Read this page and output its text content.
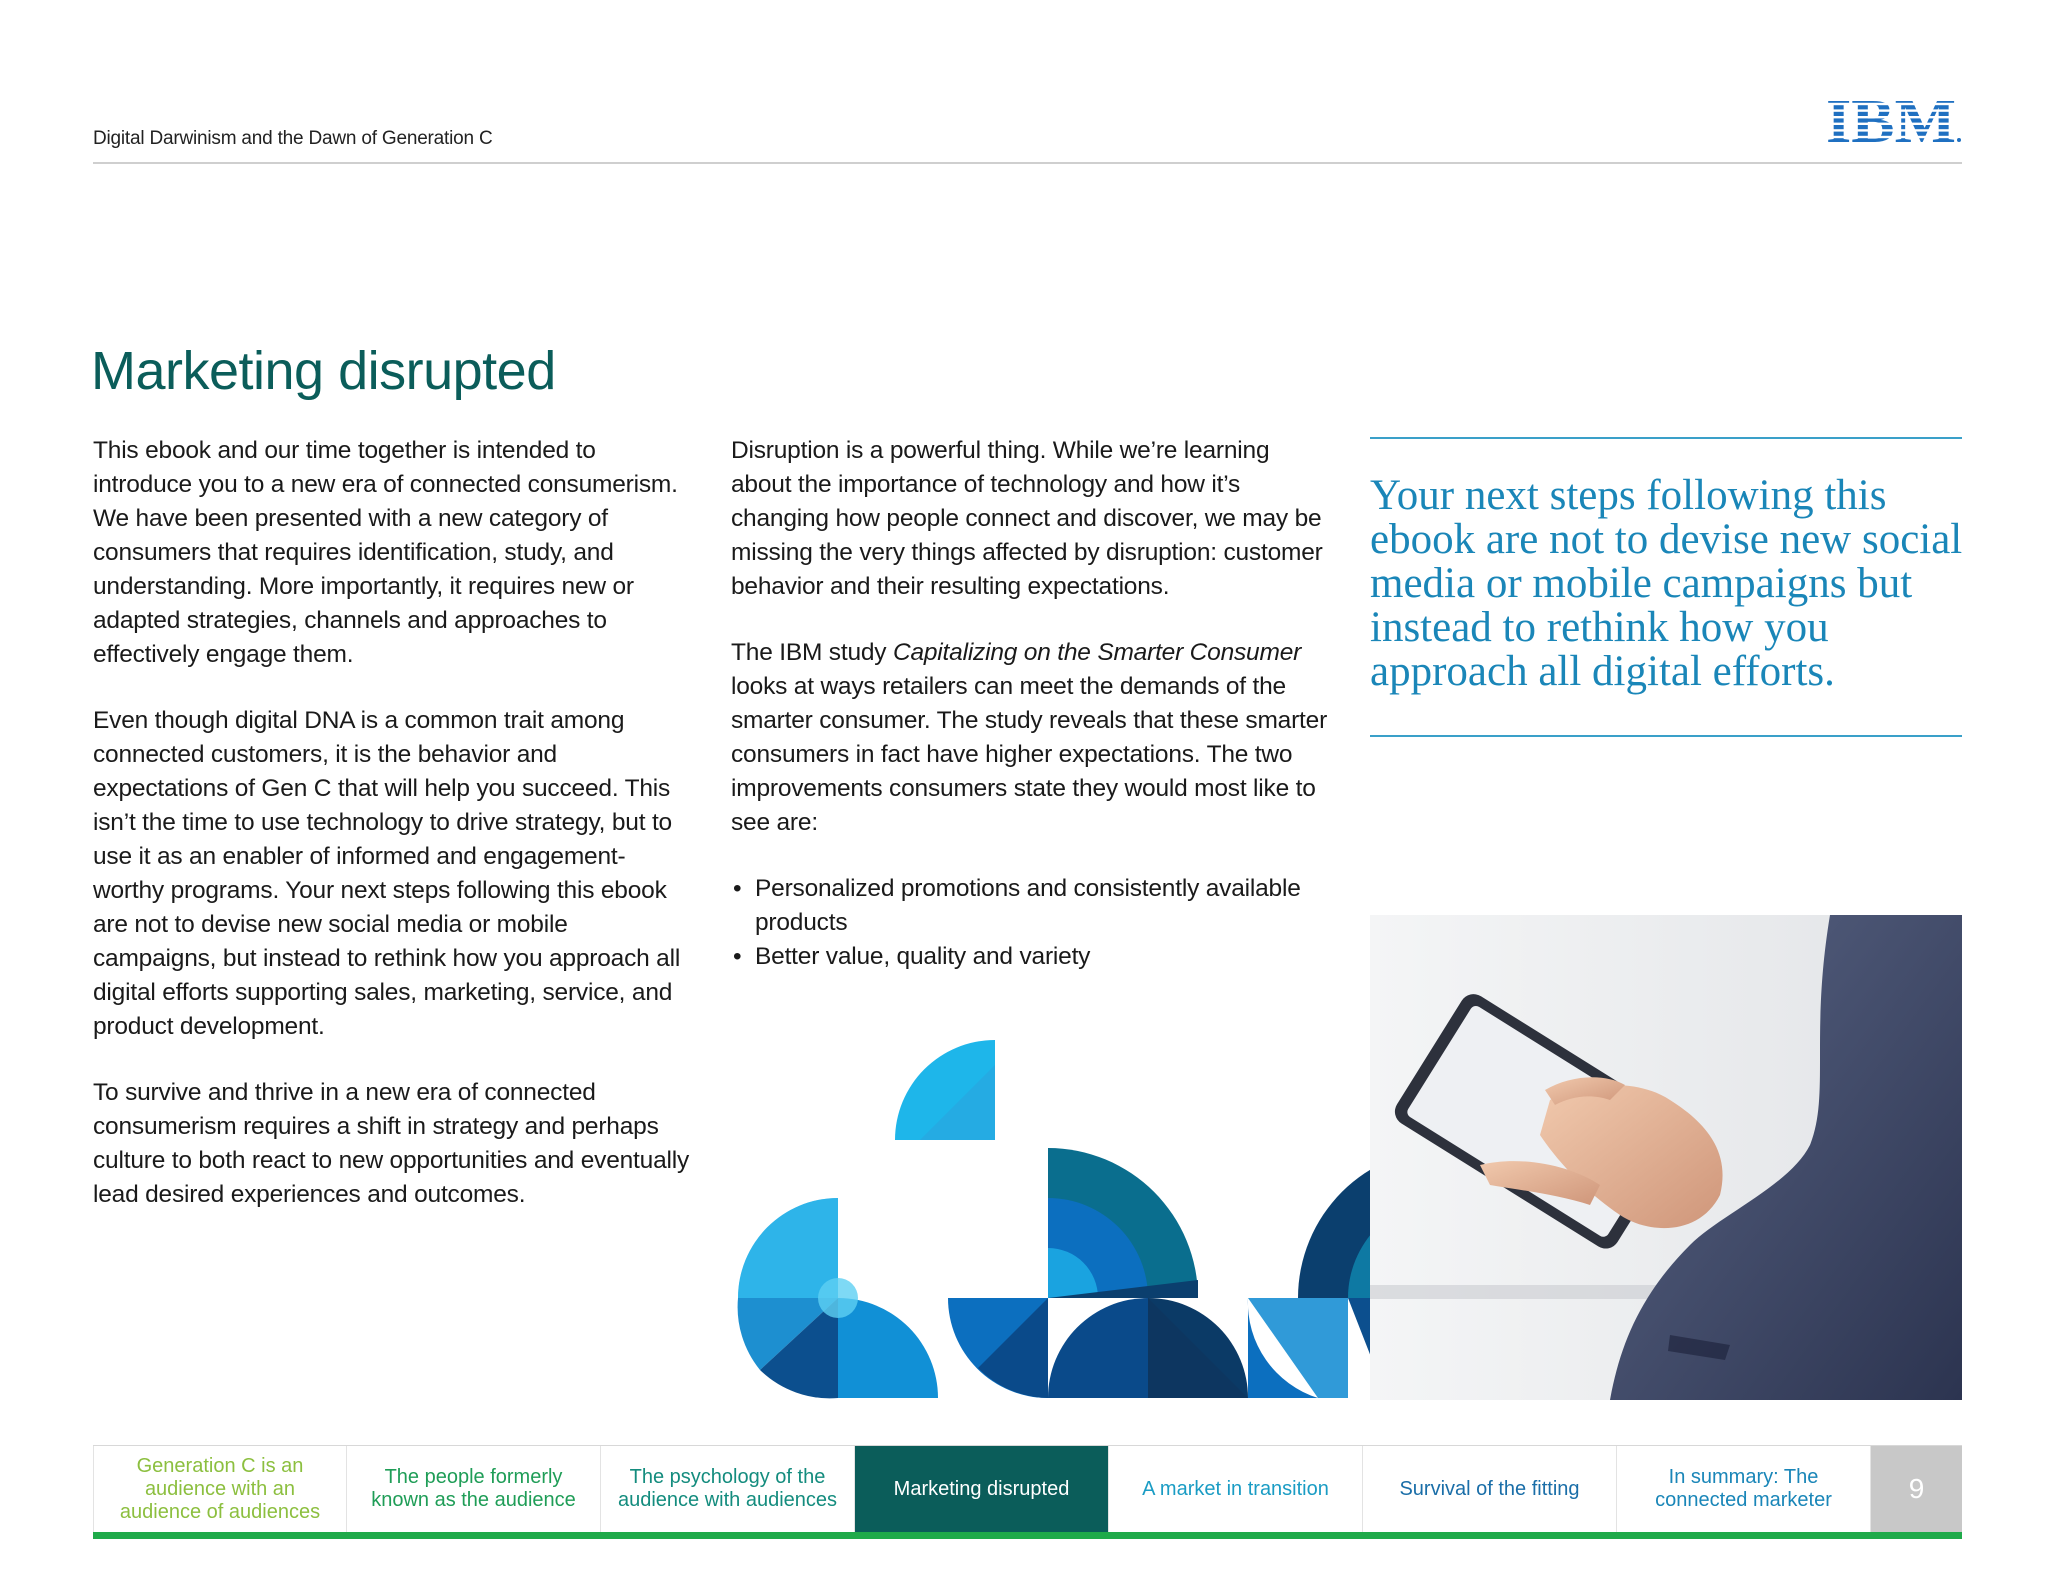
Digital Darwinism and the Dawn of Generation C
Marketing disrupted

This ebook and our time together is intended to introduce you to a new era of connected consumerism. We have been presented with a new category of consumers that requires identification, study, and understanding. More importantly, it requires new or adapted strategies, channels and approaches to effectively engage them.

Even though digital DNA is a common trait among connected customers, it is the behavior and expectations of Gen C that will help you succeed. This isn’t the time to use technology to drive strategy, but to use it as an enabler of informed and engagement-worthy programs. Your next steps following this ebook are not to devise new social media or mobile campaigns, but instead to rethink how you approach all digital efforts supporting sales, marketing, service, and product development.

To survive and thrive in a new era of connected consumerism requires a shift in strategy and perhaps culture to both react to new opportunities and eventually lead desired experiences and outcomes.

Disruption is a powerful thing. While we’re learning about the importance of technology and how it’s changing how people connect and discover, we may be missing the very things affected by disruption: customer behavior and their resulting expectations.

The IBM study Capitalizing on the Smarter Consumer looks at ways retailers can meet the demands of the smarter consumer. The study reveals that these smarter consumers in fact have higher expectations. The two improvements consumers state they would most like to see are:

• Personalized promotions and consistently available products
• Better value, quality and variety

Your next steps following this ebook are not to devise new social media or mobile campaigns but instead to rethink how you approach all digital efforts.

Generation C is an audience with an audience of audiences
The people formerly known as the audience
The psychology of the audience with audiences
Marketing disrupted	A market in transition	Survival of the fitting
In summary: The connected marketer	9
